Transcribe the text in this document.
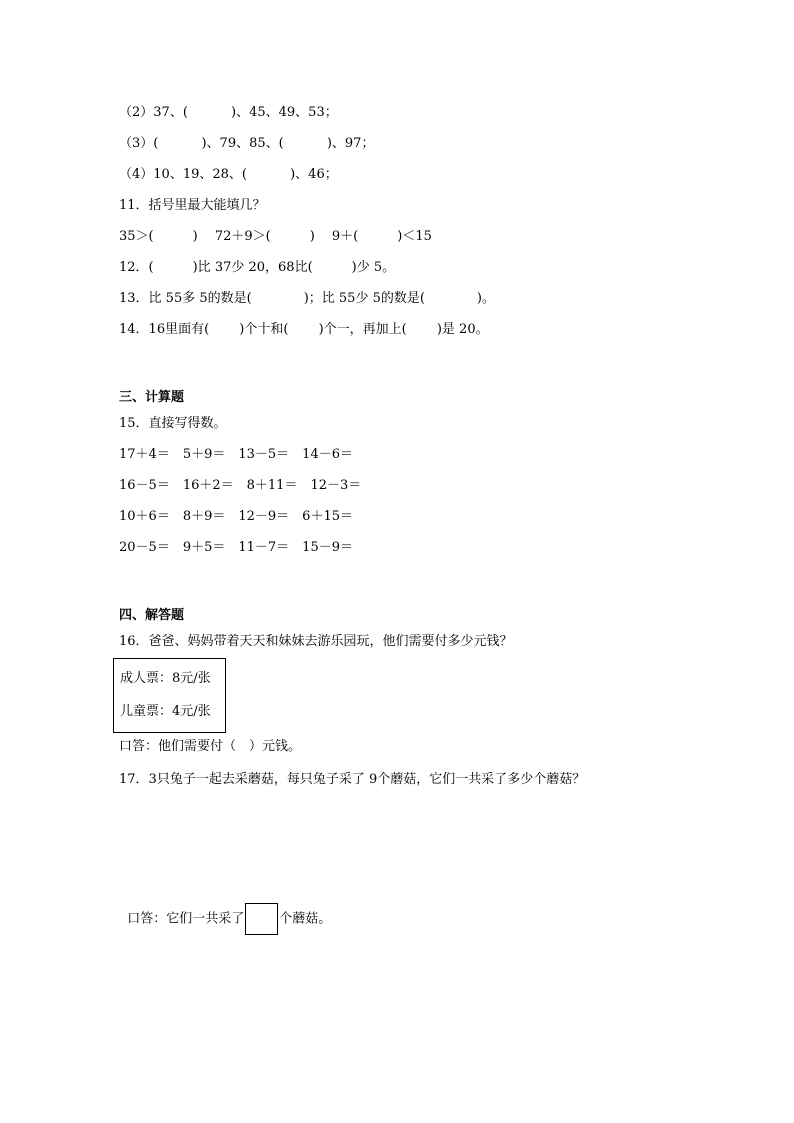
（2）37、(　　　 )、45、49、53；
（3）(　　　 )、79、85、(　　　 )、97；
（4）10、19、28、(　　　 )、46；
11．括号里最大能填几？
35＞(　　　)　 72＋9＞(　　　)　 9＋(　　　)＜15
12．(　　　)比 37少 20，68比(　　　)少 5。
13．比 55多 5的数是(　　　　)；比 55少 5的数是(　　　　)。
14．16里面有(　　 )个十和(　　 )个一，再加上(　　 )是 20。
三、计算题
15．直接写得数。
17＋4＝　5＋9＝　13－5＝　14－6＝
16－5＝　16＋2＝　8＋11＝　12－3＝
10＋6＝　8＋9＝　12－9＝　6＋15＝
20－5＝　9＋5＝　11－7＝　15－9＝
四、解答题
16．爸爸、妈妈带着天天和妹妹去游乐园玩，他们需要付多少元钱？
成人票：8元/张
儿童票：4元/张
口答：他们需要付（　）元钱。
17．3只兔子一起去采蘑菇，每只兔子采了 9个蘑菇，它们一共采了多少个蘑菇？

口答：它们一共采了	个蘑菇。
